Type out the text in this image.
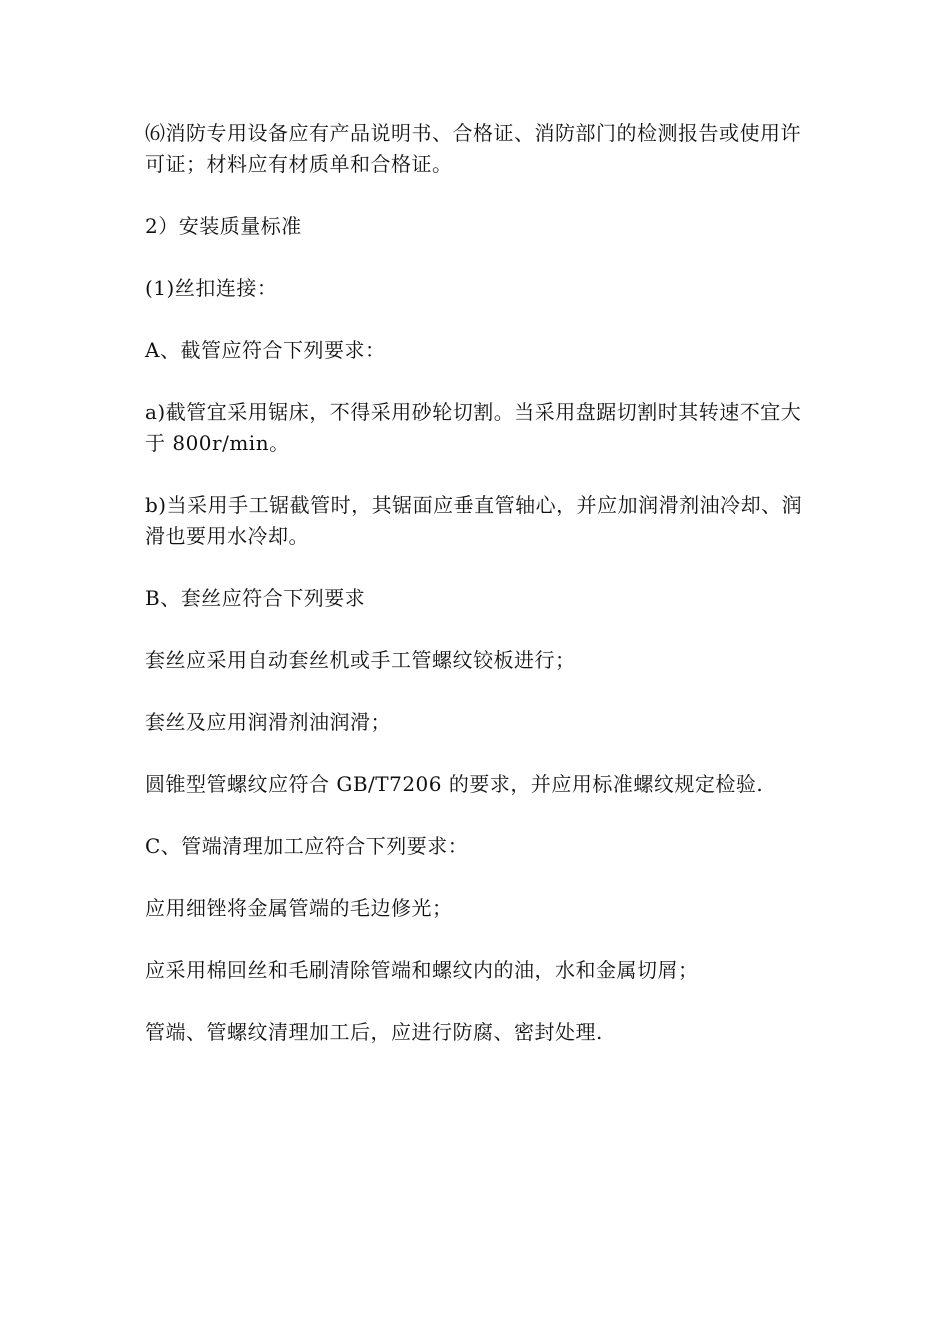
⑹消防专用设备应有产品说明书、合格证、消防部门的检测报告或使用许可证；材料应有材质单和合格证。

2）安装质量标准

(1)丝扣连接：

A、截管应符合下列要求：

a)截管宜采用锯床，不得采用砂轮切割。当采用盘踞切割时其转速不宜大于 800r/min。

b)当采用手工锯截管时，其锯面应垂直管轴心，并应加润滑剂油冷却、润滑也要用水冷却。

B、套丝应符合下列要求

套丝应采用自动套丝机或手工管螺纹铰板进行；

套丝及应用润滑剂油润滑；

圆锥型管螺纹应符合 GB/T7206 的要求，并应用标准螺纹规定检验.

C、管端清理加工应符合下列要求：

应用细锉将金属管端的毛边修光；

应采用棉回丝和毛刷清除管端和螺纹内的油，水和金属切屑；

管端、管螺纹清理加工后，应进行防腐、密封处理.
